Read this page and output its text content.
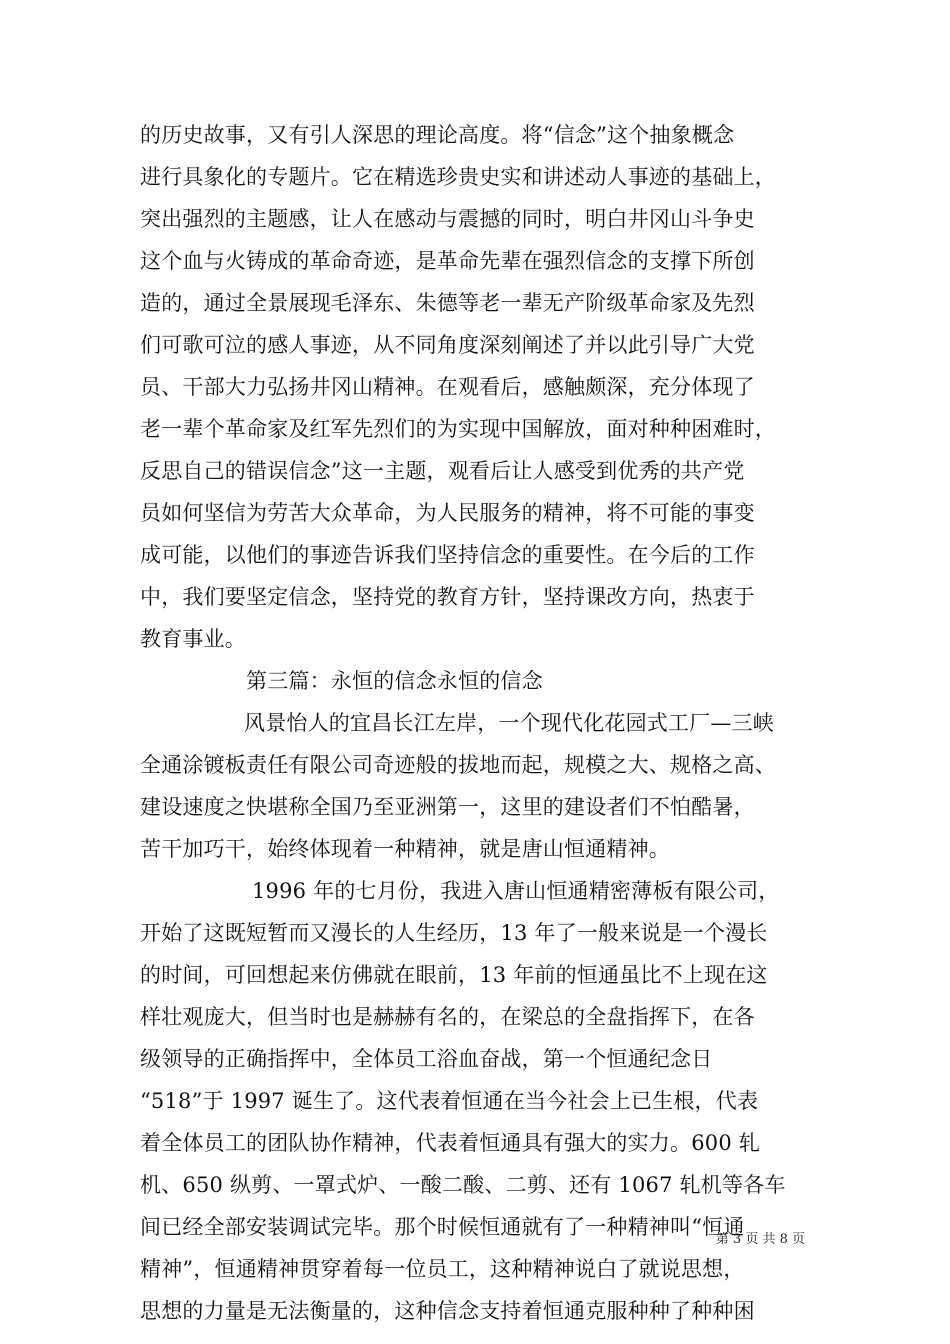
的历史故事，又有引人深思的理论高度。将“信念”这个抽象概念
进行具象化的专题片。它在精选珍贵史实和讲述动人事迹的基础上，
突出强烈的主题感，让人在感动与震撼的同时，明白井冈山斗争史
这个血与火铸成的革命奇迹，是革命先辈在强烈信念的支撑下所创
造的，通过全景展现毛泽东、朱德等老一辈无产阶级革命家及先烈
们可歌可泣的感人事迹，从不同角度深刻阐述了并以此引导广大党
员、干部大力弘扬井冈山精神。在观看后，感触颇深，充分体现了
老一辈个革命家及红军先烈们的为实现中国解放，面对种种困难时，
反思自己的错误信念”这一主题，观看后让人感受到优秀的共产党
员如何坚信为劳苦大众革命，为人民服务的精神，将不可能的事变
成可能，以他们的事迹告诉我们坚持信念的重要性。在今后的工作
中，我们要坚定信念，坚持党的教育方针，坚持课改方向，热衷于
教育事业。
第三篇：永恒的信念永恒的信念
风景怡人的宜昌长江左岸，一个现代化花园式工厂—三峡
全通涂镀板责任有限公司奇迹般的拔地而起，规模之大、规格之高、
建设速度之快堪称全国乃至亚洲第一，这里的建设者们不怕酷暑，
苦干加巧干，始终体现着一种精神，就是唐山恒通精神。
1996 年的七月份，我进入唐山恒通精密薄板有限公司，
开始了这既短暂而又漫长的人生经历，13 年了一般来说是一个漫长
的时间，可回想起来仿佛就在眼前，13 年前的恒通虽比不上现在这
样壮观庞大，但当时也是赫赫有名的，在梁总的全盘指挥下，在各
级领导的正确指挥中，全体员工浴血奋战，第一个恒通纪念日
“518”于 1997 诞生了。这代表着恒通在当今社会上已生根，代表
着全体员工的团队协作精神，代表着恒通具有强大的实力。600 轧
机、650 纵剪、一罩式炉、一酸二酸、二剪、还有 1067 轧机等各车
间已经全部安装调试完毕。那个时候恒通就有了一种精神叫“恒通
精神”，恒通精神贯穿着每一位员工，这种精神说白了就说思想，
思想的力量是无法衡量的，这种信念支持着恒通克服种种了种种困
第 3 页 共 8 页
